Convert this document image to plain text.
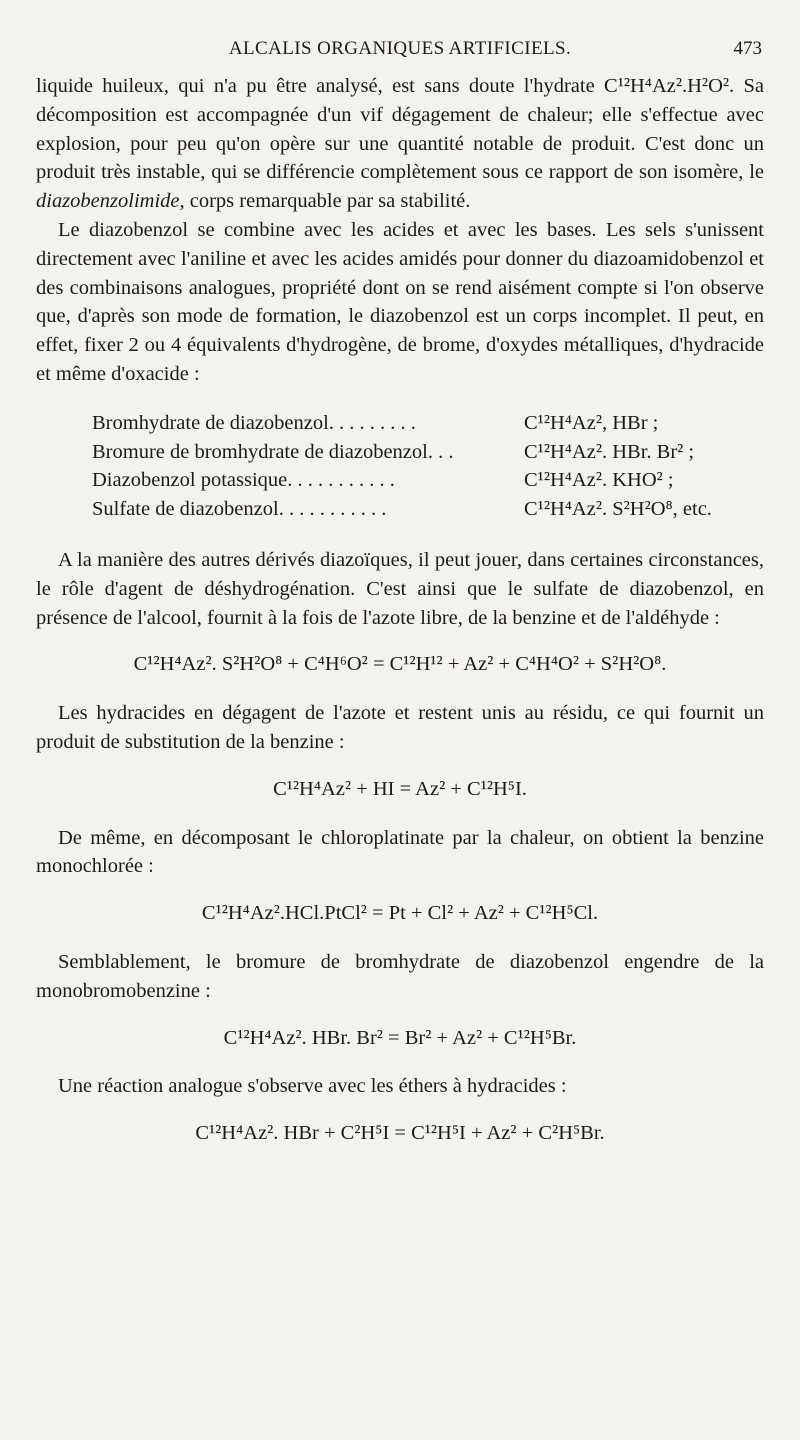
ALCALIS ORGANIQUES ARTIFICIELS.	473

liquide huileux, qui n'a pu être analysé, est sans doute l'hydrate C¹²H⁴Az².H²O². Sa décomposition est accompagnée d'un vif dégagement de chaleur; elle s'effectue avec explosion, pour peu qu'on opère sur une quantité notable de produit. C'est donc un produit très instable, qui se différencie complètement sous ce rapport de son isomère, le diazobenzolimide, corps remarquable par sa stabilité.

Le diazobenzol se combine avec les acides et avec les bases. Les sels s'unissent directement avec l'aniline et avec les acides amidés pour donner du diazoamidobenzol et des combinaisons analogues, propriété dont on se rend aisément compte si l'on observe que, d'après son mode de formation, le diazobenzol est un corps incomplet. Il peut, en effet, fixer 2 ou 4 équivalents d'hydrogène, de brome, d'oxydes métalliques, d'hydracide et même d'oxacide :

Bromhydrate de diazobenzol. . . . . . . . .	C¹²H⁴Az², HBr ;
Bromure de bromhydrate de diazobenzol. . .	C¹²H⁴Az². HBr. Br² ;
Diazobenzol potassique. . . . . . . . . . .	C¹²H⁴Az². KHO² ;
Sulfate de diazobenzol. . . . . . . . . . .	C¹²H⁴Az². S²H²O⁸, etc.

A la manière des autres dérivés diazoïques, il peut jouer, dans certaines circonstances, le rôle d'agent de déshydrogénation. C'est ainsi que le sulfate de diazobenzol, en présence de l'alcool, fournit à la fois de l'azote libre, de la benzine et de l'aldéhyde :

C¹²H⁴Az². S²H²O⁸ + C⁴H⁶O² = C¹²H¹² + Az² + C⁴H⁴O² + S²H²O⁸.

Les hydracides en dégagent de l'azote et restent unis au résidu, ce qui fournit un produit de substitution de la benzine :

C¹²H⁴Az² + HI = Az² + C¹²H⁵I.

De même, en décomposant le chloroplatinate par la chaleur, on obtient la benzine monochlorée :

C¹²H⁴Az².HCl.PtCl² = Pt + Cl² + Az² + C¹²H⁵Cl.

Semblablement, le bromure de bromhydrate de diazobenzol engendre de la monobromobenzine :

C¹²H⁴Az². HBr. Br² = Br² + Az² + C¹²H⁵Br.

Une réaction analogue s'observe avec les éthers à hydracides :

C¹²H⁴Az². HBr + C²H⁵I = C¹²H⁵I + Az² + C²H⁵Br.
